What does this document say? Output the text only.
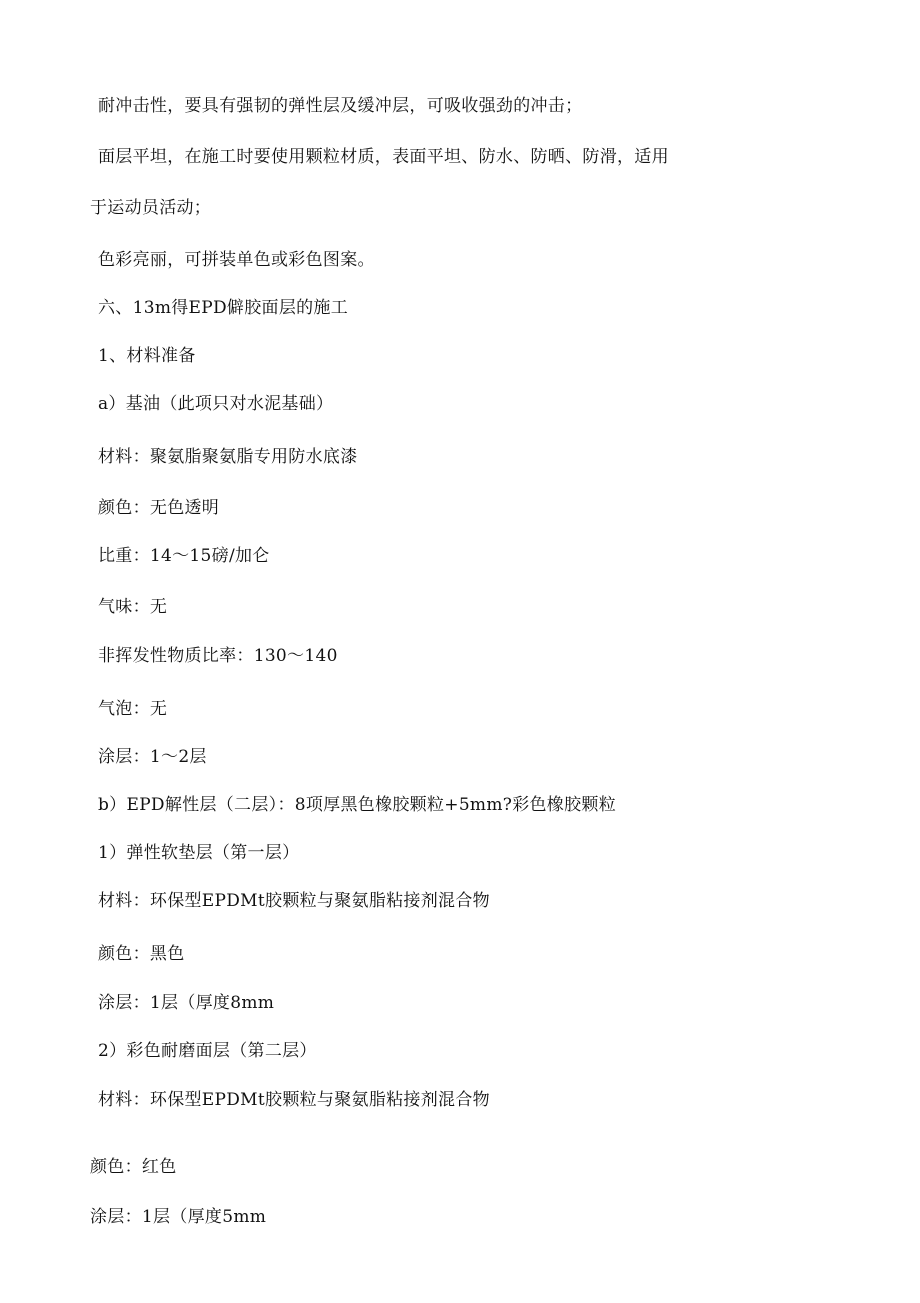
耐冲击性，要具有强韧的弹性层及缓冲层，可吸收强劲的冲击；
面层平坦，在施工时要使用颗粒材质，表面平坦、防水、防晒、防滑，适用
于运动员活动；
色彩亮丽，可拼装单色或彩色图案。
六、13m得EPD僻胶面层的施工
1、材料准备
a）基油（此项只对水泥基础）
材料：聚氨脂聚氨脂专用防水底漆
颜色：无色透明
比重：14〜15磅/加仑
气味：无
非挥发性物质比率：130〜140
气泡：无
涂层：1〜2层
b）EPD解性层（二层）：8项厚黑色橡胶颗粒+5mm?彩色橡胶颗粒
1）弹性软垫层（第一层）
材料：环保型EPDMt胶颗粒与聚氨脂粘接剂混合物
颜色：黑色
涂层：1层（厚度8mm
2）彩色耐磨面层（第二层）
材料：环保型EPDMt胶颗粒与聚氨脂粘接剂混合物
颜色：红色
涂层：1层（厚度5mm
